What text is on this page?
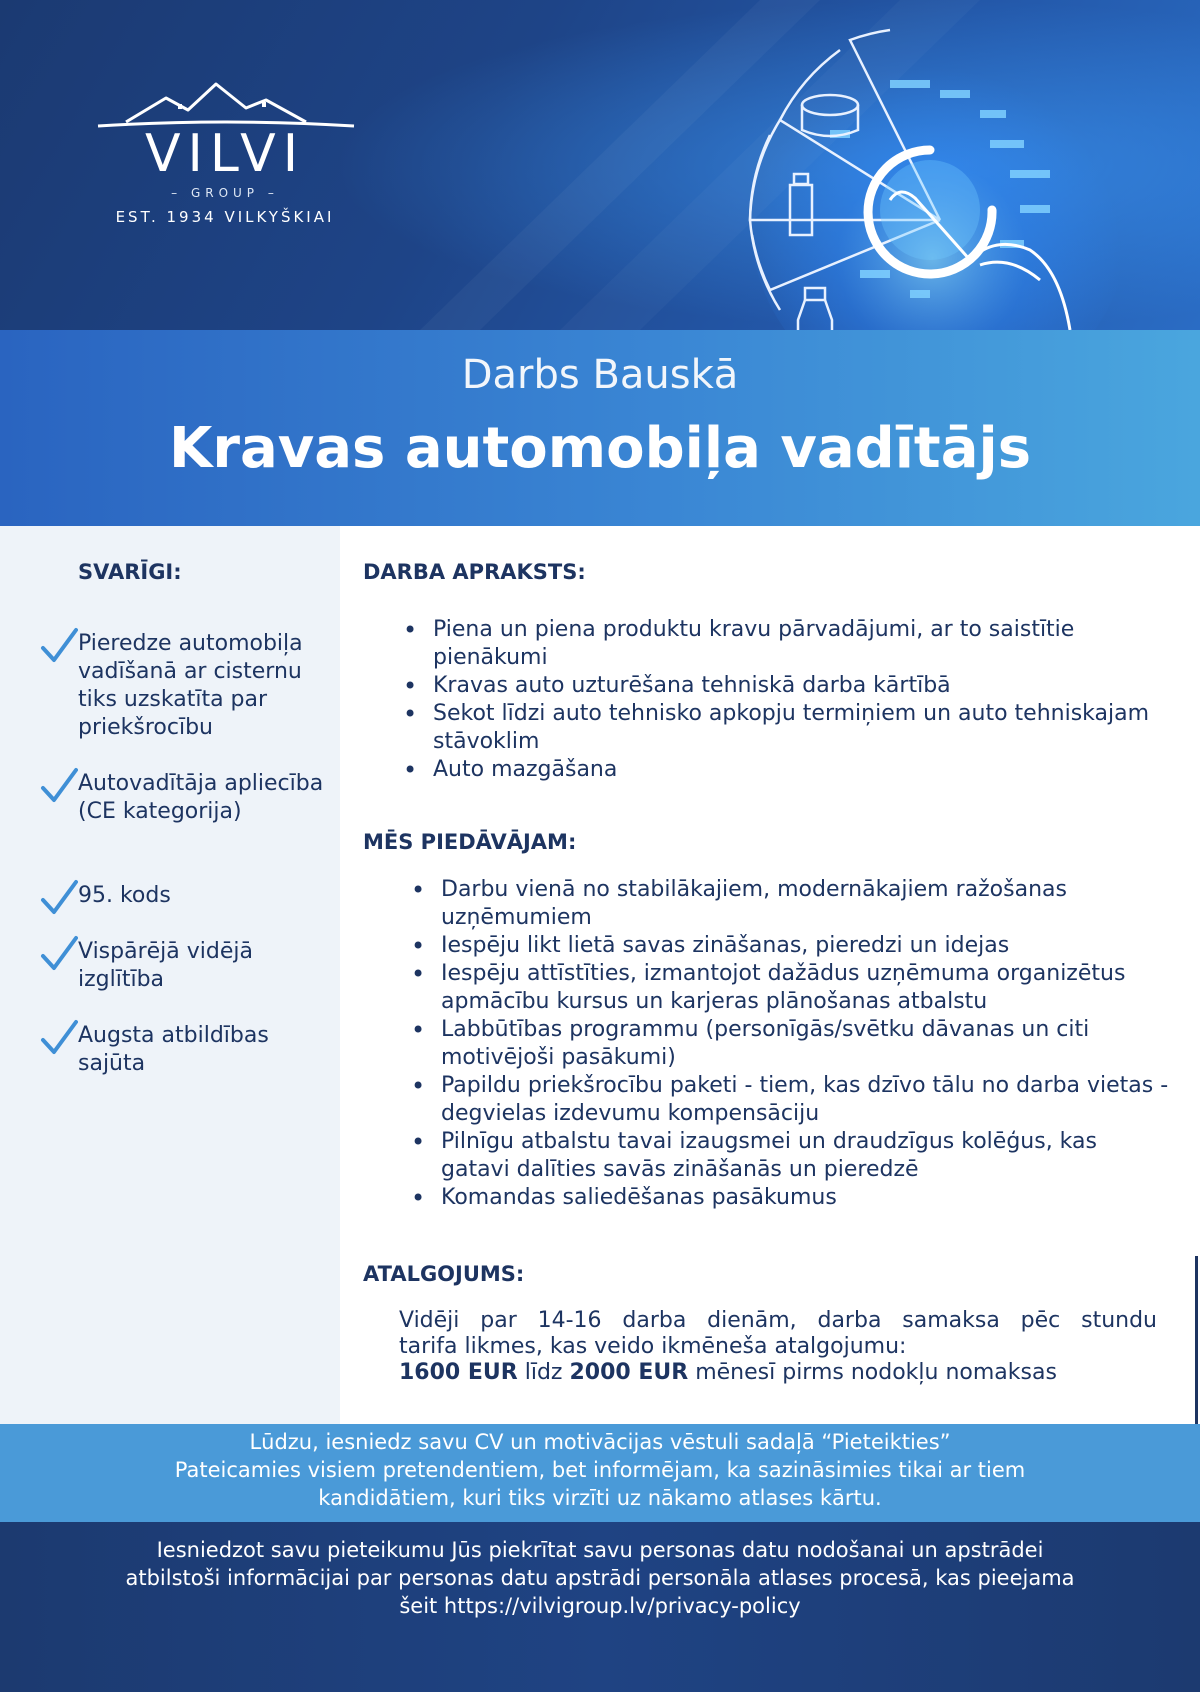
VILVI
– GROUP –
EST. 1934 VILKYŠKIAI
Darbs Bauskā
Kravas automobiļa vadītājs
SVARĪGI:
Pieredze automobiļa vadīšanā ar cisternu tiks uzskatīta par priekšrocību
Autovadītāja apliecība (CE kategorija)
95. kods
Vispārējā vidējā izglītība
Augsta atbildības sajūta
DARBA APRAKSTS:
• Piena un piena produktu kravu pārvadājumi, ar to saistītie pienākumi
• Kravas auto uzturēšana tehniskā darba kārtībā
• Sekot līdzi auto tehnisko apkopju termiņiem un auto tehniskajam stāvoklim
• Auto mazgāšana
MĒS PIEDĀVĀJAM:
• Darbu vienā no stabilākajiem, modernākajiem ražošanas uzņēmumiem
• Iespēju likt lietā savas zināšanas, pieredzi un idejas
• Iespēju attīstīties, izmantojot dažādus uzņēmuma organizētus apmācību kursus un karjeras plānošanas atbalstu
• Labbūtības programmu (personīgās/svētku dāvanas un citi motivējoši pasākumi)
• Papildu priekšrocību paketi - tiem, kas dzīvo tālu no darba vietas - degvielas izdevumu kompensāciju
• Pilnīgu atbalstu tavai izaugsmei un draudzīgus kolēģus, kas gatavi dalīties savās zināšanās un pieredzē
• Komandas saliedēšanas pasākumus
ATALGOJUMS:
Vidēji par 14-16 darba dienām, darba samaksa pēc stundu
tarifa likmes, kas veido ikmēneša atalgojumu:
1600 EUR līdz 2000 EUR mēnesī pirms nodokļu nomaksas
Lūdzu, iesniedz savu CV un motivācijas vēstuli sadaļā “Pieteikties”
Pateicamies visiem pretendentiem, bet informējam, ka sazināsimies tikai ar tiem
kandidātiem, kuri tiks virzīti uz nākamo atlases kārtu.
Iesniedzot savu pieteikumu Jūs piekrītat savu personas datu nodošanai un apstrādei
atbilstoši informācijai par personas datu apstrādi personāla atlases procesā, kas pieejama
šeit https://vilvigroup.lv/privacy-policy
